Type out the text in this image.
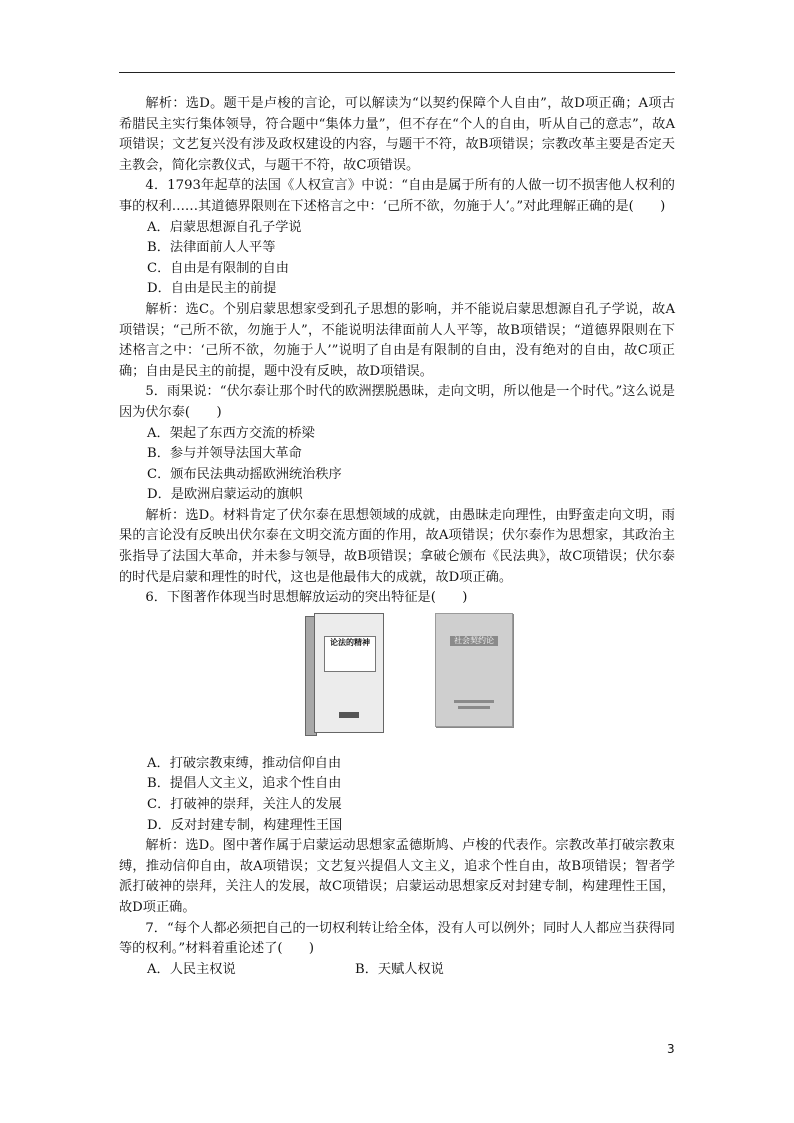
解析：选D。题干是卢梭的言论，可以解读为“以契约保障个人自由”，故D项正确；A项古希腊民主实行集体领导，符合题中“集体力量”，但不存在“个人的自由，听从自己的意志”，故A项错误；文艺复兴没有涉及政权建设的内容，与题干不符，故B项错误；宗教改革主要是否定天主教会，简化宗教仪式，与题干不符，故C项错误。

4．1793年起草的法国《人权宣言》中说：“自由是属于所有的人做一切不损害他人权利的事的权利……其道德界限则在下述格言之中：‘己所不欲，勿施于人’。”对此理解正确的是(　　)

A．启蒙思想源自孔子学说

B．法律面前人人平等

C．自由是有限制的自由

D．自由是民主的前提

解析：选C。个别启蒙思想家受到孔子思想的影响，并不能说启蒙思想源自孔子学说，故A项错误；“己所不欲，勿施于人”，不能说明法律面前人人平等，故B项错误；“道德界限则在下述格言之中：‘己所不欲，勿施于人’”说明了自由是有限制的自由，没有绝对的自由，故C项正确；自由是民主的前提，题中没有反映，故D项错误。

5．雨果说：“伏尔泰让那个时代的欧洲摆脱愚昧，走向文明，所以他是一个时代。”这么说是因为伏尔泰(　　)

A．架起了东西方交流的桥梁

B．参与并领导法国大革命

C．颁布民法典动摇欧洲统治秩序

D．是欧洲启蒙运动的旗帜

解析：选D。材料肯定了伏尔泰在思想领域的成就，由愚昧走向理性，由野蛮走向文明，雨果的言论没有反映出伏尔泰在文明交流方面的作用，故A项错误；伏尔泰作为思想家，其政治主张指导了法国大革命，并未参与领导，故B项错误；拿破仑颁布《民法典》，故C项错误；伏尔泰的时代是启蒙和理性的时代，这也是他最伟大的成就，故D项正确。

6．下图著作体现当时思想解放运动的突出特征是(　　)

论法的精神	社会契约论

A．打破宗教束缚，推动信仰自由

B．提倡人文主义，追求个性自由

C．打破神的崇拜，关注人的发展

D．反对封建专制，构建理性王国

解析：选D。图中著作属于启蒙运动思想家孟德斯鸠、卢梭的代表作。宗教改革打破宗教束缚，推动信仰自由，故A项错误；文艺复兴提倡人文主义，追求个性自由，故B项错误；智者学派打破神的崇拜，关注人的发展，故C项错误；启蒙运动思想家反对封建专制，构建理性王国，故D项正确。

7．“每个人都必须把自己的一切权利转让给全体，没有人可以例外；同时人人都应当获得同等的权利。”材料着重论述了(　　)

A．人民主权说	B．天赋人权说
3
